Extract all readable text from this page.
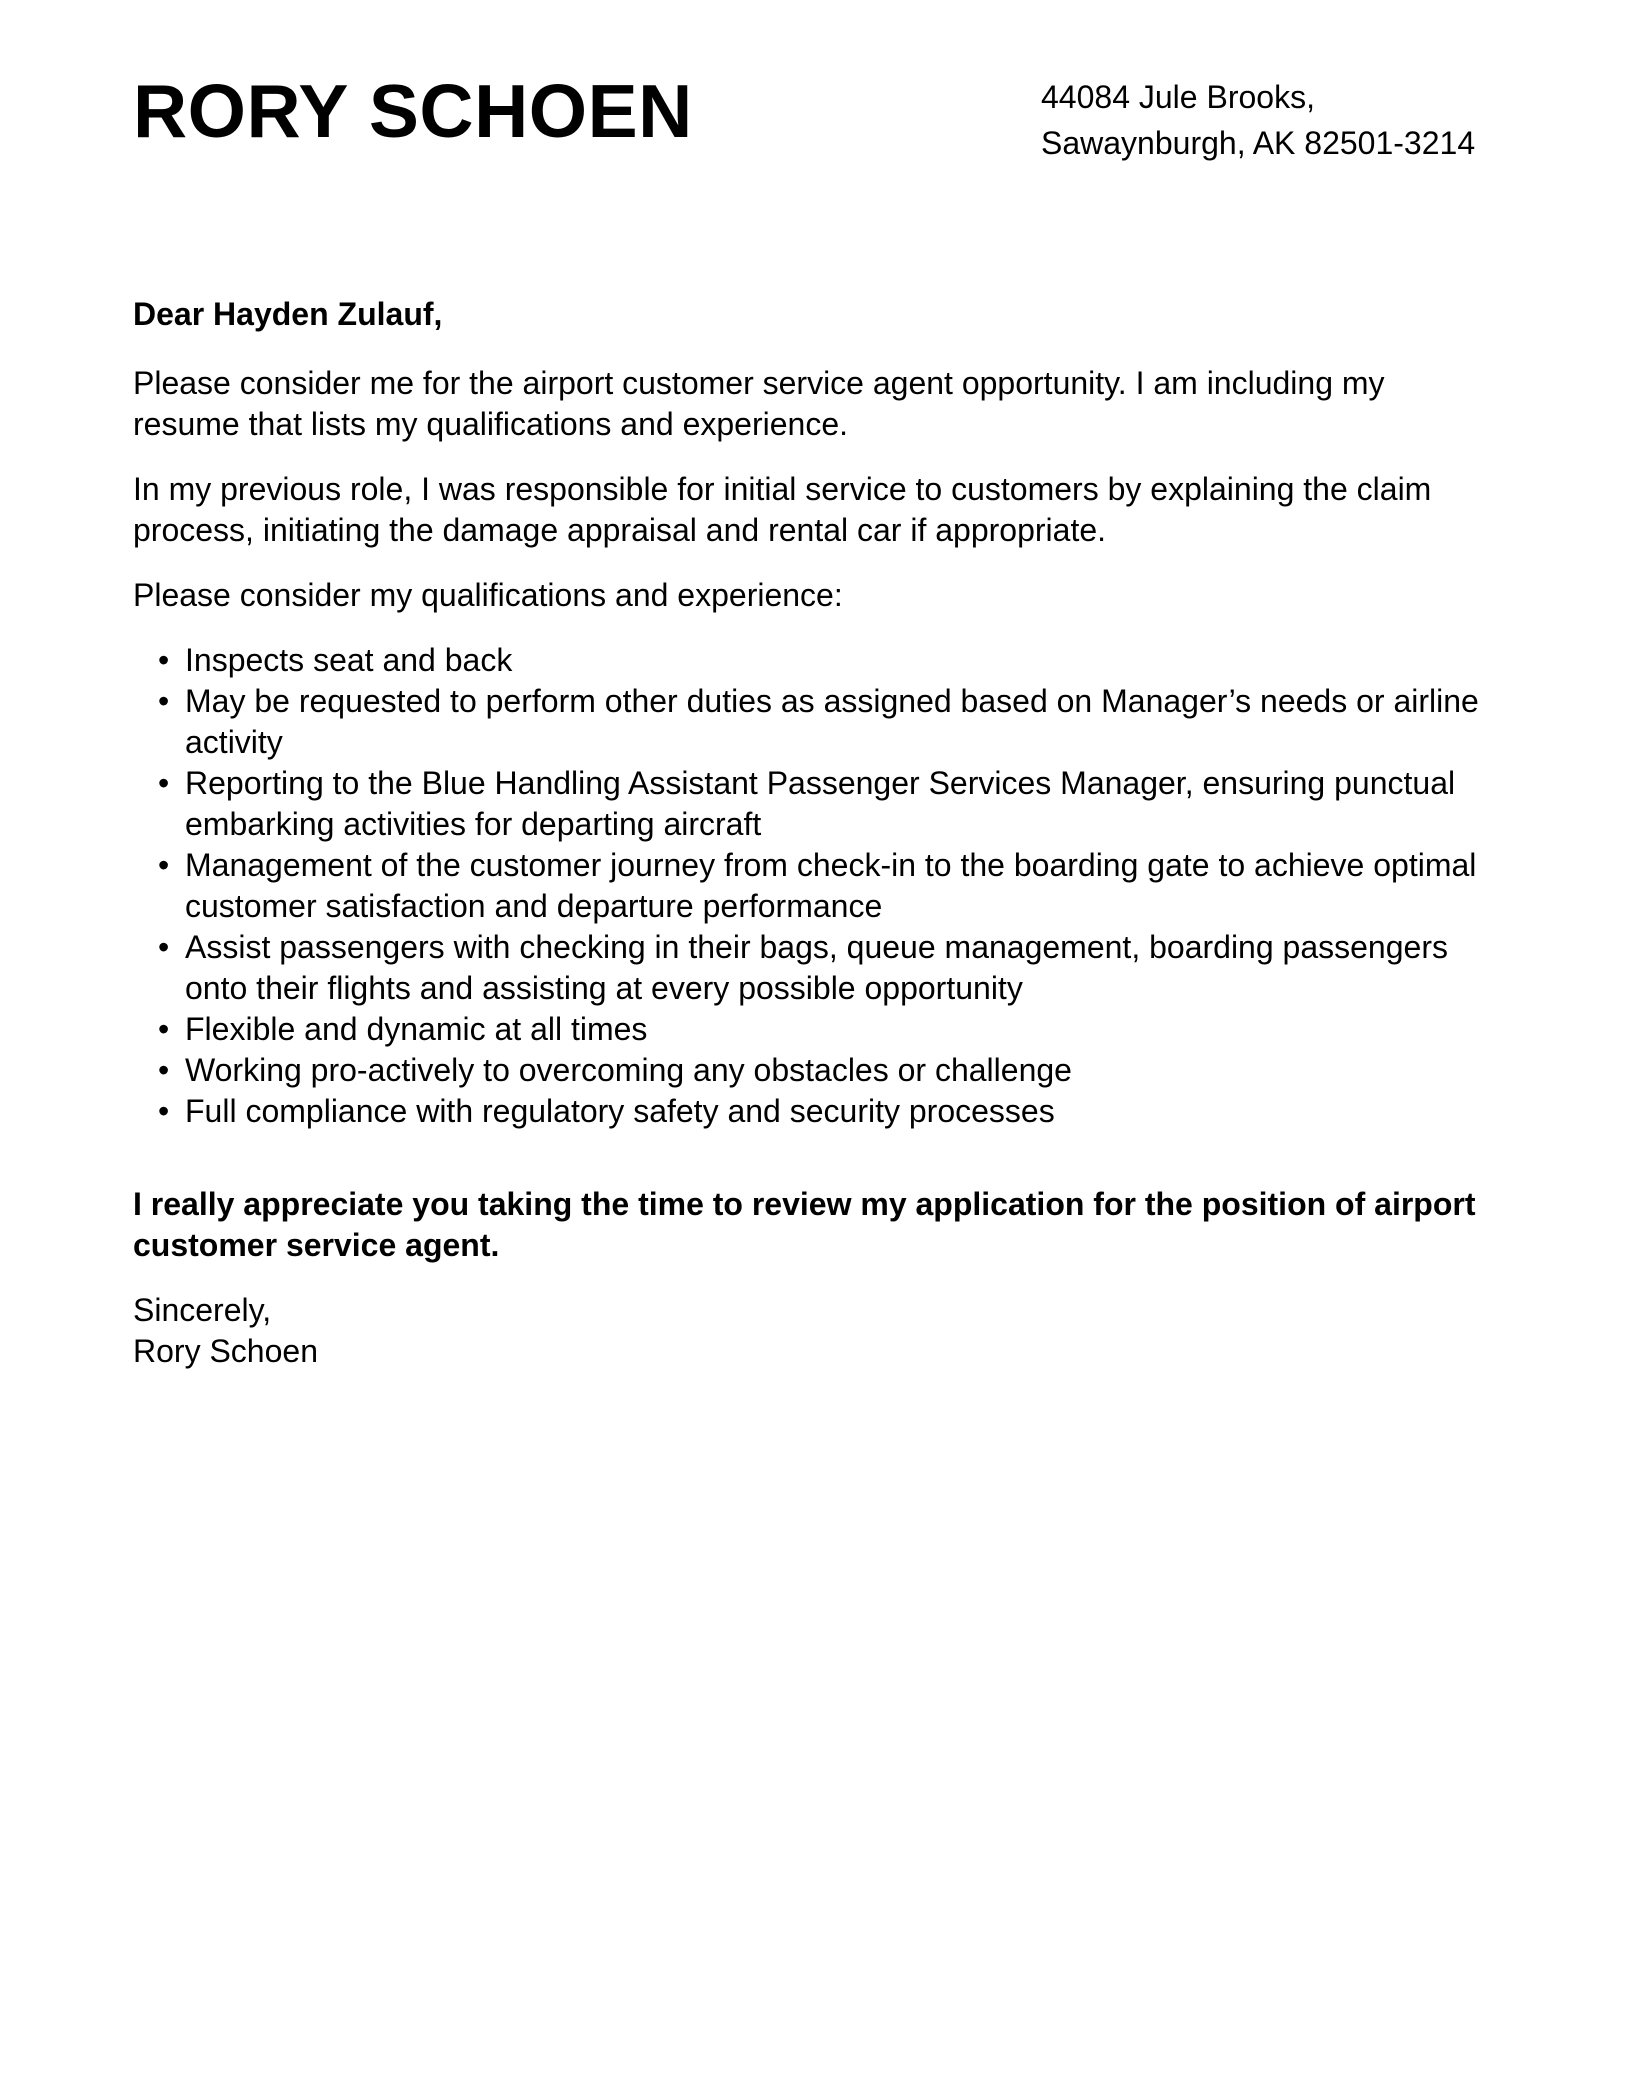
RORY SCHOEN	44084 Jule Brooks,
Sawaynburgh, AK 82501-3214

Dear Hayden Zulauf,

Please consider me for the airport customer service agent opportunity. I am including my resume that lists my qualifications and experience.

In my previous role, I was responsible for initial service to customers by explaining the claim process, initiating the damage appraisal and rental car if appropriate.

Please consider my qualifications and experience:

• Inspects seat and back
• May be requested to perform other duties as assigned based on Manager’s needs or airline activity
• Reporting to the Blue Handling Assistant Passenger Services Manager, ensuring punctual embarking activities for departing aircraft
• Management of the customer journey from check-in to the boarding gate to achieve optimal customer satisfaction and departure performance
• Assist passengers with checking in their bags, queue management, boarding passengers onto their flights and assisting at every possible opportunity
• Flexible and dynamic at all times
• Working pro-actively to overcoming any obstacles or challenge
• Full compliance with regulatory safety and security processes

I really appreciate you taking the time to review my application for the position of airport customer service agent.

Sincerely,
Rory Schoen
